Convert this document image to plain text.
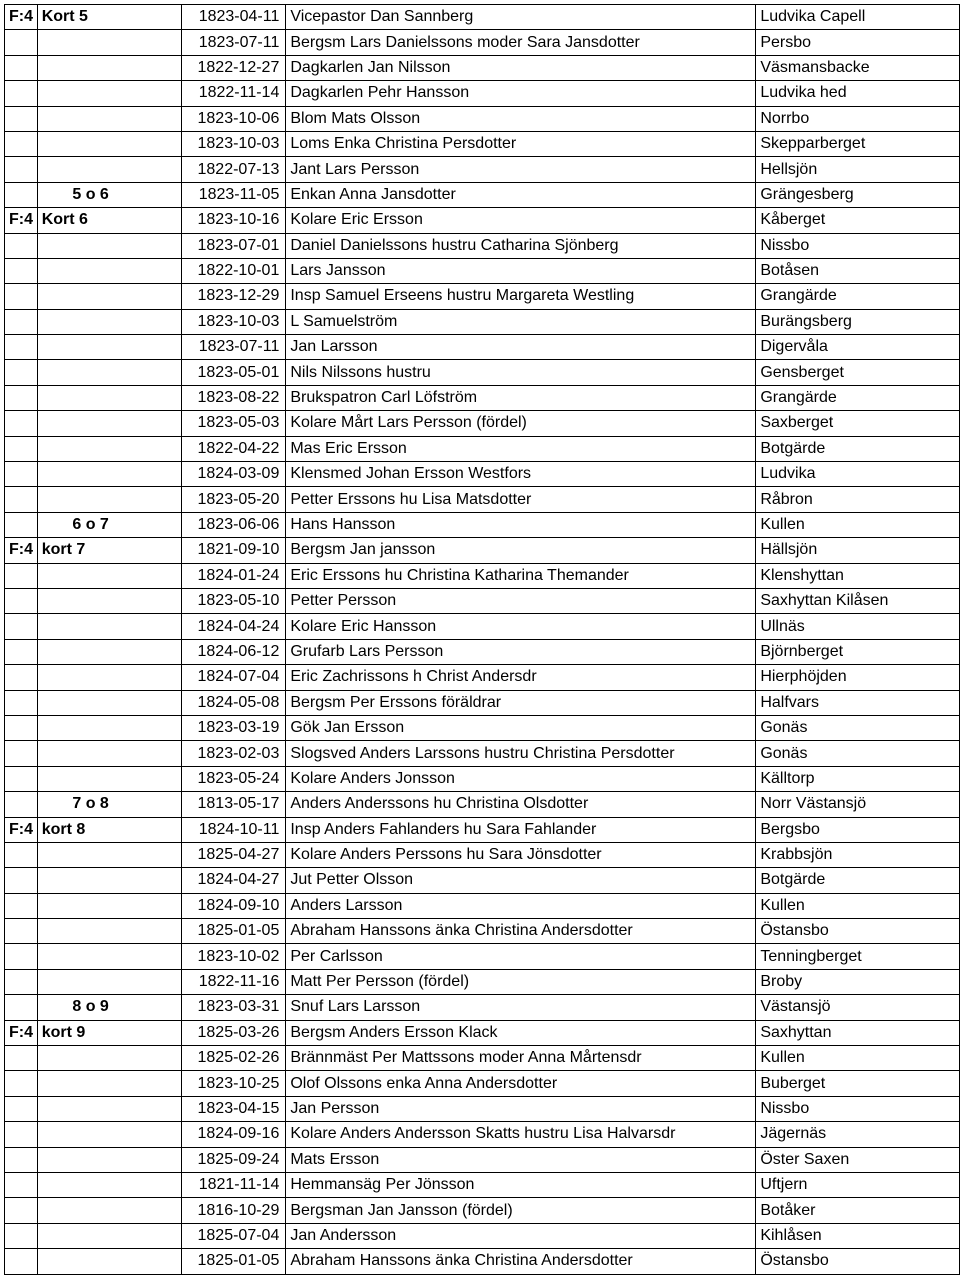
F:4	Kort 5	1823-04-11	Vicepastor Dan Sannberg	Ludvika Capell
		1823-07-11	Bergsm Lars Danielssons moder Sara Jansdotter	Persbo
		1822-12-27	Dagkarlen Jan Nilsson	Väsmansbacke
		1822-11-14	Dagkarlen Pehr Hansson	Ludvika hed
		1823-10-06	Blom Mats Olsson	Norrbo
		1823-10-03	Loms Enka Christina Persdotter	Skepparberget
		1822-07-13	Jant Lars Persson	Hellsjön
	5 o 6	1823-11-05	Enkan Anna Jansdotter	Grängesberg
F:4	Kort 6	1823-10-16	Kolare Eric Ersson	Kåberget
		1823-07-01	Daniel Danielssons hustru Catharina Sjönberg	Nissbo
		1822-10-01	Lars Jansson	Botåsen
		1823-12-29	Insp Samuel Erseens hustru Margareta Westling	Grangärde
		1823-10-03	L Samuelström	Burängsberg
		1823-07-11	Jan Larsson	Digervåla
		1823-05-01	Nils Nilssons hustru	Gensberget
		1823-08-22	Brukspatron Carl Löfström	Grangärde
		1823-05-03	Kolare Mårt Lars Persson (fördel)	Saxberget
		1822-04-22	Mas Eric Ersson	Botgärde
		1824-03-09	Klensmed Johan Ersson Westfors	Ludvika
		1823-05-20	Petter Erssons hu Lisa Matsdotter	Råbron
	6 o 7	1823-06-06	Hans Hansson	Kullen
F:4	kort 7	1821-09-10	Bergsm Jan jansson	Hällsjön
		1824-01-24	Eric Erssons hu Christina Katharina Themander	Klenshyttan
		1823-05-10	Petter Persson	Saxhyttan Kilåsen
		1824-04-24	Kolare Eric Hansson	Ullnäs
		1824-06-12	Grufarb Lars Persson	Björnberget
		1824-07-04	Eric Zachrissons h Christ Andersdr	Hierphöjden
		1824-05-08	Bergsm Per Erssons föräldrar	Halfvars
		1823-03-19	Gök Jan Ersson	Gonäs
		1823-02-03	Slogsved Anders Larssons hustru Christina Persdotter	Gonäs
		1823-05-24	Kolare Anders Jonsson	Källtorp
	7 o 8	1813-05-17	Anders Anderssons hu Christina Olsdotter	Norr Västansjö
F:4	kort 8	1824-10-11	Insp Anders Fahlanders hu Sara Fahlander	Bergsbo
		1825-04-27	Kolare Anders Perssons hu Sara Jönsdotter	Krabbsjön
		1824-04-27	Jut Petter Olsson	Botgärde
		1824-09-10	Anders Larsson	Kullen
		1825-01-05	Abraham Hanssons änka Christina Andersdotter	Östansbo
		1823-10-02	Per Carlsson	Tenningberget
		1822-11-16	Matt Per Persson (fördel)	Broby
	8 o 9	1823-03-31	Snuf Lars Larsson	Västansjö
F:4	kort 9	1825-03-26	Bergsm Anders Ersson Klack	Saxhyttan
		1825-02-26	Brännmäst Per Mattssons moder Anna Mårtensdr	Kullen
		1823-10-25	Olof Olssons enka Anna Andersdotter	Buberget
		1823-04-15	Jan Persson	Nissbo
		1824-09-16	Kolare Anders Andersson Skatts hustru Lisa Halvarsdr	Jägernäs
		1825-09-24	Mats Ersson	Öster Saxen
		1821-11-14	Hemmansäg Per Jönsson	Uftjern
		1816-10-29	Bergsman Jan Jansson (fördel)	Botåker
		1825-07-04	Jan Andersson	Kihlåsen
		1825-01-05	Abraham Hanssons änka Christina Andersdotter	Östansbo
